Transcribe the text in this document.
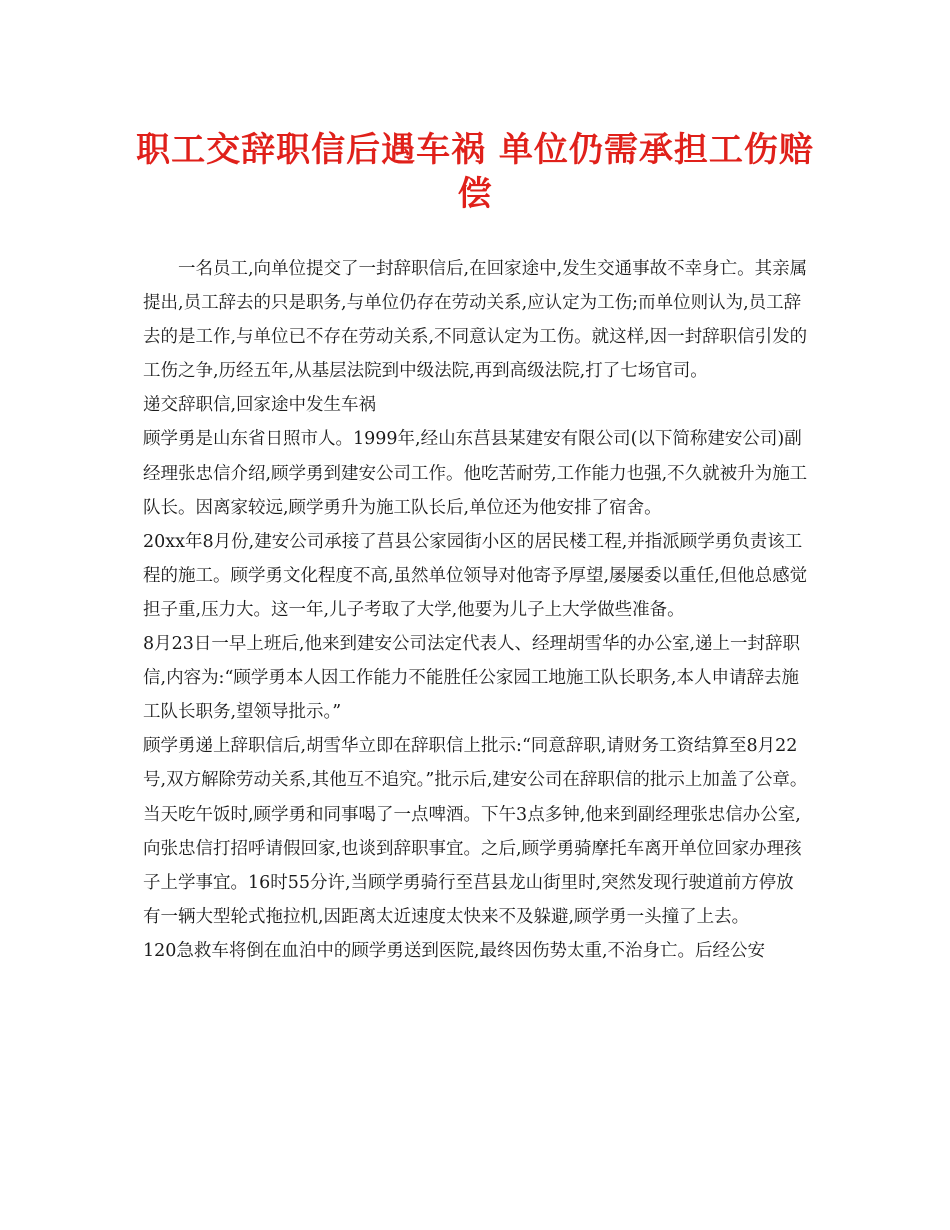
职工交辞职信后遇车祸 单位仍需承担工伤赔偿

一名员工,向单位提交了一封辞职信后,在回家途中,发生交通事故不幸身亡。其亲属提出,员工辞去的只是职务,与单位仍存在劳动关系,应认定为工伤;而单位则认为,员工辞去的是工作,与单位已不存在劳动关系,不同意认定为工伤。就这样,因一封辞职信引发的工伤之争,历经五年,从基层法院到中级法院,再到高级法院,打了七场官司。

递交辞职信,回家途中发生车祸

顾学勇是山东省日照市人。1999年,经山东莒县某建安有限公司(以下简称建安公司)副经理张忠信介绍,顾学勇到建安公司工作。他吃苦耐劳,工作能力也强,不久就被升为施工队长。因离家较远,顾学勇升为施工队长后,单位还为他安排了宿舍。

20xx年8月份,建安公司承接了莒县公家园街小区的居民楼工程,并指派顾学勇负责该工程的施工。顾学勇文化程度不高,虽然单位领导对他寄予厚望,屡屡委以重任,但他总感觉担子重,压力大。这一年,儿子考取了大学,他要为儿子上大学做些准备。

8月23日一早上班后,他来到建安公司法定代表人、经理胡雪华的办公室,递上一封辞职信,内容为:“顾学勇本人因工作能力不能胜任公家园工地施工队长职务,本人申请辞去施工队长职务,望领导批示。”

顾学勇递上辞职信后,胡雪华立即在辞职信上批示:“同意辞职,请财务工资结算至8月22号,双方解除劳动关系,其他互不追究。”批示后,建安公司在辞职信的批示上加盖了公章。

当天吃午饭时,顾学勇和同事喝了一点啤酒。下午3点多钟,他来到副经理张忠信办公室,向张忠信打招呼请假回家,也谈到辞职事宜。之后,顾学勇骑摩托车离开单位回家办理孩子上学事宜。16时55分许,当顾学勇骑行至莒县龙山街里时,突然发现行驶道前方停放有一辆大型轮式拖拉机,因距离太近速度太快来不及躲避,顾学勇一头撞了上去。

120急救车将倒在血泊中的顾学勇送到医院,最终因伤势太重,不治身亡。后经公安
